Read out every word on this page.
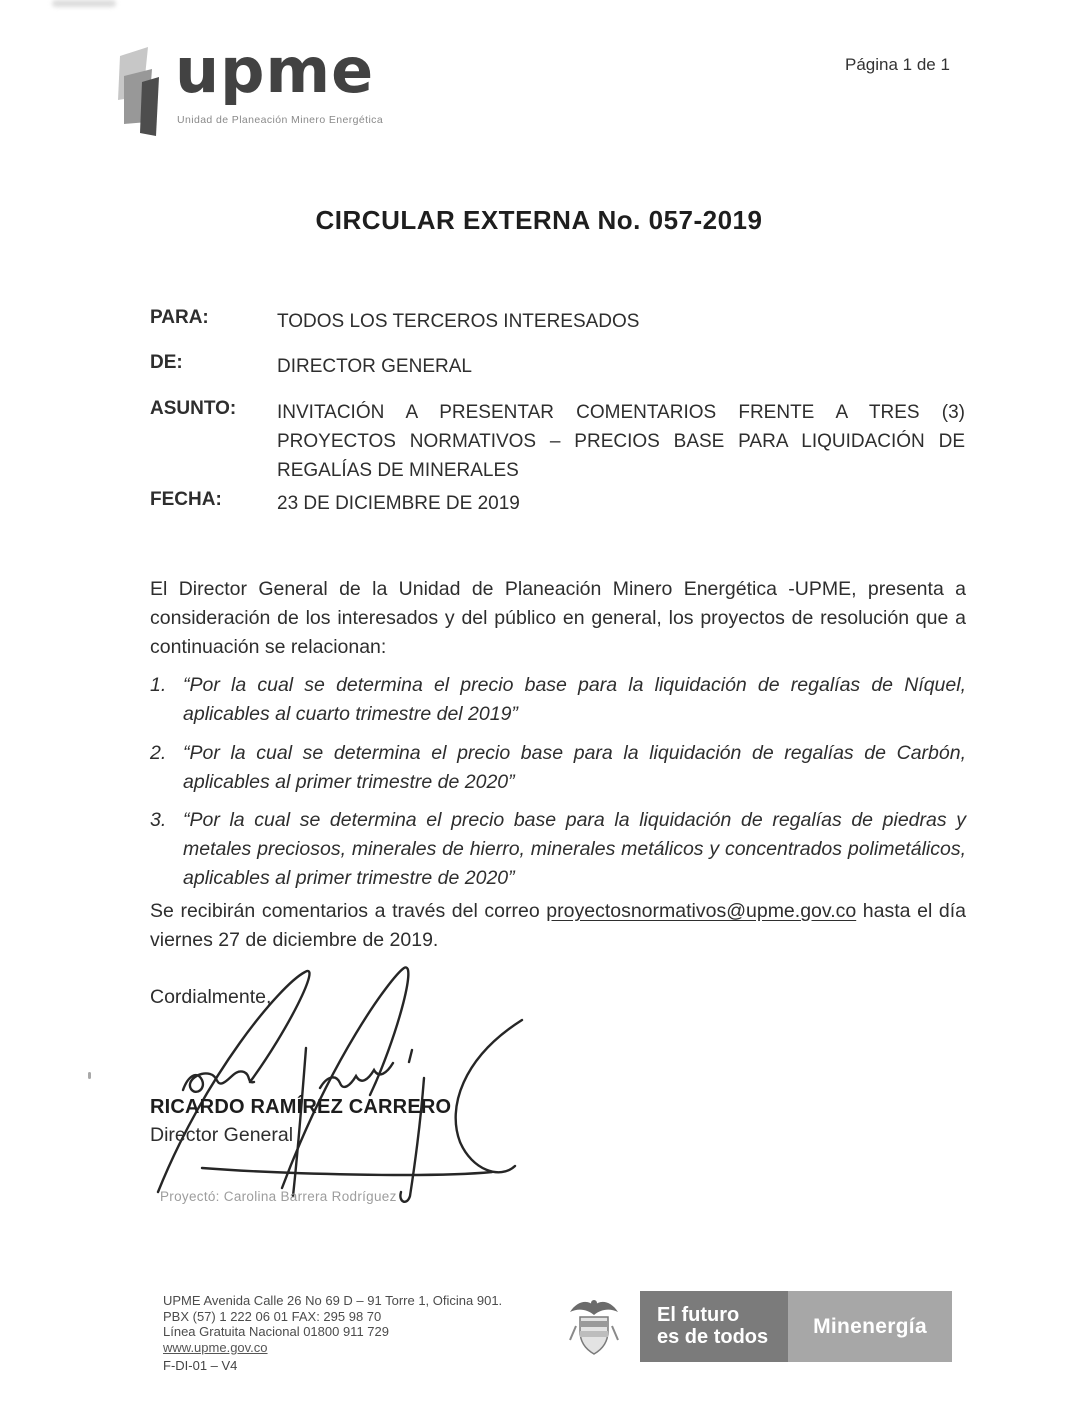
upme
Unidad de Planeación Minero Energética
Página 1 de 1
CIRCULAR EXTERNA No. 057-2019
PARA:	TODOS LOS TERCEROS INTERESADOS
DE:	DIRECTOR GENERAL
ASUNTO:	INVITACIÓN A PRESENTAR COMENTARIOS FRENTE A TRES (3) PROYECTOS NORMATIVOS – PRECIOS BASE PARA LIQUIDACIÓN DE REGALÍAS DE MINERALES
FECHA:	23 DE DICIEMBRE DE 2019
El Director General de la Unidad de Planeación Minero Energética -UPME, presenta a consideración de los interesados y del público en general, los proyectos de resolución que a continuación se relacionan:
1. “Por la cual se determina el precio base para la liquidación de regalías de Níquel, aplicables al cuarto trimestre del 2019”
2. “Por la cual se determina el precio base para la liquidación de regalías de Carbón, aplicables al primer trimestre de 2020”
3. “Por la cual se determina el precio base para la liquidación de regalías de piedras y metales preciosos, minerales de hierro, minerales metálicos y concentrados polimetálicos, aplicables al primer trimestre de 2020”
Se recibirán comentarios a través del correo proyectosnormativos@upme.gov.co hasta el día viernes 27 de diciembre de 2019.
Cordialmente,
RICARDO RAMÍREZ CARRERO
Director General
Proyectó: Carolina Barrera Rodríguez
UPME Avenida Calle 26 No 69 D – 91 Torre 1, Oficina 901.
PBX (57) 1 222 06 01 FAX: 295 98 70
Línea Gratuita Nacional 01800 911 729
www.upme.gov.co
F-DI-01 – V4
El futuro
es de todos	Minenergía
